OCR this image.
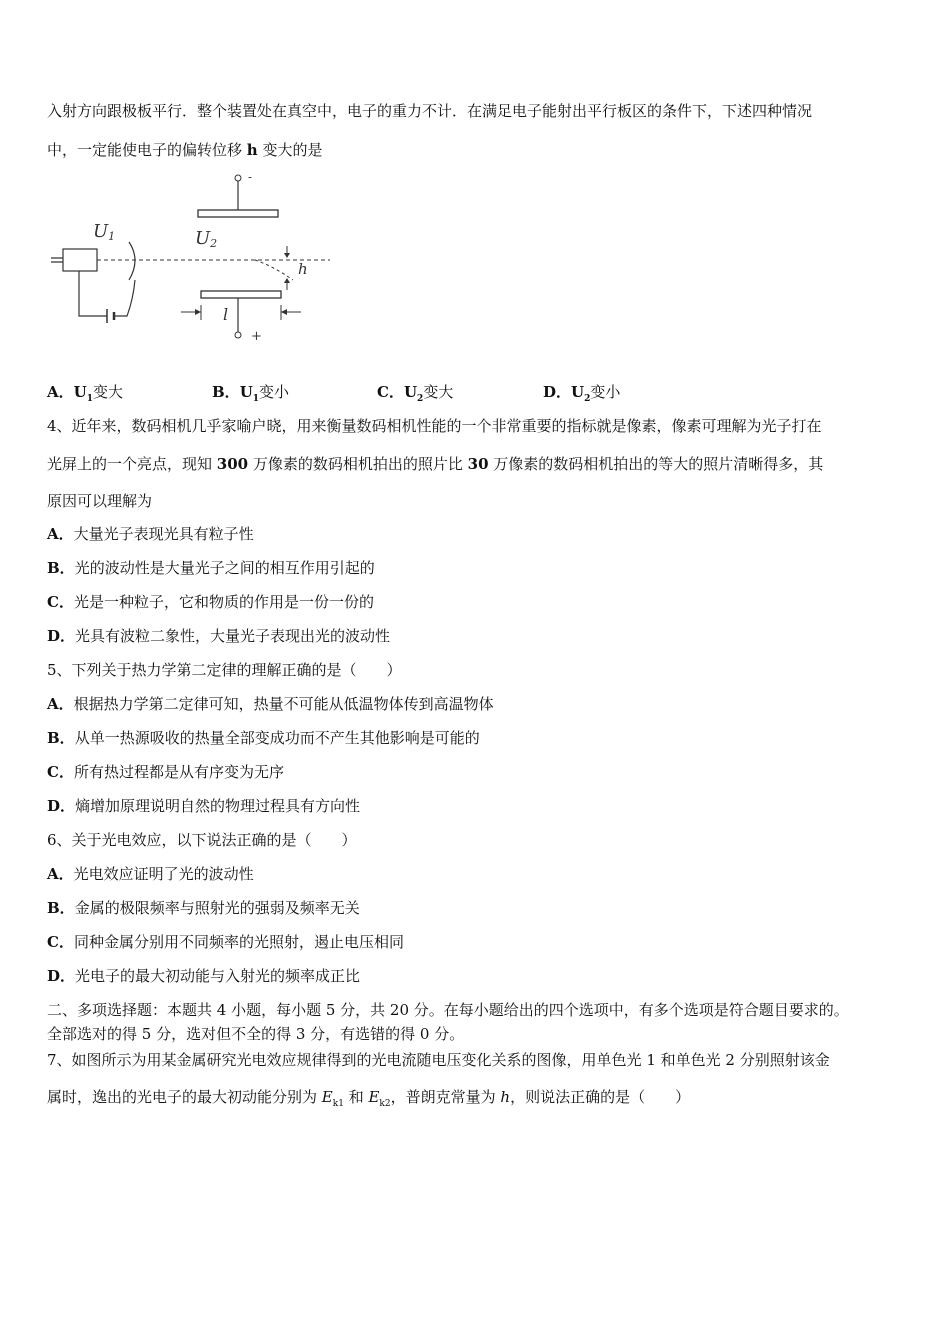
入射方向跟极板平行．整个装置处在真空中，电子的重力不计．在满足电子能射出平行板区的条件下，下述四种情况
中，一定能使电子的偏转位移 h 变大的是
-
+
U1	U2
h
l
A．$U_1$变大	B．$U_1$变小	C．$U_2$变大	D．$U_2$变小
4、近年来，数码相机几乎家喻户晓，用来衡量数码相机性能的一个非常重要的指标就是像素，像素可理解为光子打在
光屏上的一个亮点，现知 300 万像素的数码相机拍出的照片比 30 万像素的数码相机拍出的等大的照片清晰得多，其
原因可以理解为
A．大量光子表现光具有粒子性
B．光的波动性是大量光子之间的相互作用引起的
C．光是一种粒子，它和物质的作用是一份一份的
D．光具有波粒二象性，大量光子表现出光的波动性
5、下列关于热力学第二定律的理解正确的是（　　）
A．根据热力学第二定律可知，热量不可能从低温物体传到高温物体
B．从单一热源吸收的热量全部变成功而不产生其他影响是可能的
C．所有热过程都是从有序变为无序
D．熵增加原理说明自然的物理过程具有方向性
6、关于光电效应，以下说法正确的是（　　）
A．光电效应证明了光的波动性
B．金属的极限频率与照射光的强弱及频率无关
C．同种金属分别用不同频率的光照射，遏止电压相同
D．光电子的最大初动能与入射光的频率成正比
二、多项选择题：本题共 4 小题，每小题 5 分，共 20 分。在每小题给出的四个选项中，有多个选项是符合题目要求的。
全部选对的得 5 分，选对但不全的得 3 分，有选错的得 0 分。
7、如图所示为用某金属研究光电效应规律得到的光电流随电压变化关系的图像，用单色光 1 和单色光 2 分别照射该金
属时，逸出的光电子的最大初动能分别为 $E_{k1}$ 和 $E_{k2}$，普朗克常量为 h，则说法正确的是（　　）
